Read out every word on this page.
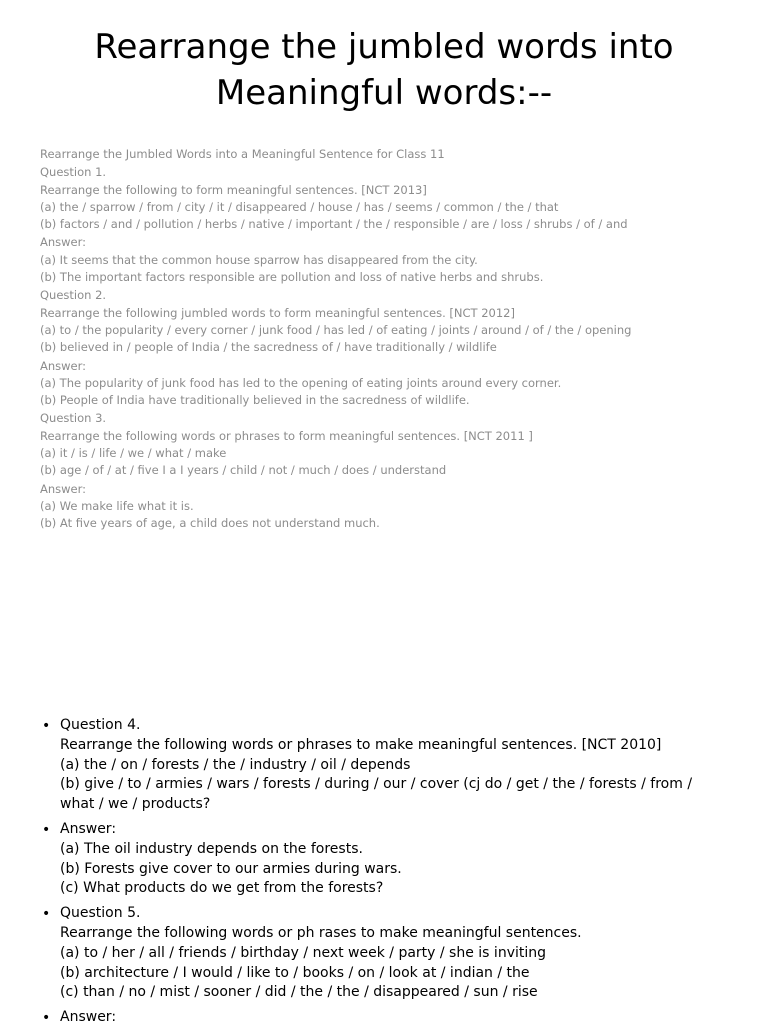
Rearrange the jumbled words into
Meaningful words:--
Rearrange the Jumbled Words into a Meaningful Sentence for Class 11
Question 1.
Rearrange the following to form meaningful sentences. [NCT 2013]
(a) the / sparrow / from / city / it / disappeared / house / has / seems / common / the / that
(b) factors / and / pollution / herbs / native / important / the / responsible / are / loss / shrubs / of / and
Answer:
(a) It seems that the common house sparrow has disappeared from the city.
(b) The important factors responsible are pollution and loss of native herbs and shrubs.
Question 2.
Rearrange the following jumbled words to form meaningful sentences. [NCT 2012]
(a) to / the popularity / every corner / junk food / has led / of eating / joints / around / of / the / opening
(b) believed in / people of India / the sacredness of / have traditionally / wildlife
Answer:
(a) The popularity of junk food has led to the opening of eating joints around every corner.
(b) People of India have traditionally believed in the sacredness of wildlife.
Question 3.
Rearrange the following words or phrases to form meaningful sentences. [NCT 2011 ]
(a) it / is / life / we / what / make
(b) age / of / at / five I a I years / child / not / much / does / understand
Answer:
(a) We make life what it is.
(b) At five years of age, a child does not understand much.
• Question 4.
Rearrange the following words or phrases to make meaningful sentences. [NCT 2010]
(a) the / on / forests / the / industry / oil / depends
(b) give / to / armies / wars / forests / during / our / cover (cj do / get / the / forests / from /
what / we / products?
• Answer:
(a) The oil industry depends on the forests.
(b) Forests give cover to our armies during wars.
(c) What products do we get from the forests?
• Question 5.
Rearrange the following words or ph rases to make meaningful sentences.
(a) to / her / all / friends / birthday / next week / party / she is inviting
(b) architecture / I would / like to / books / on / look at / indian / the
(c) than / no / mist / sooner / did / the / the / disappeared / sun / rise
• Answer:
